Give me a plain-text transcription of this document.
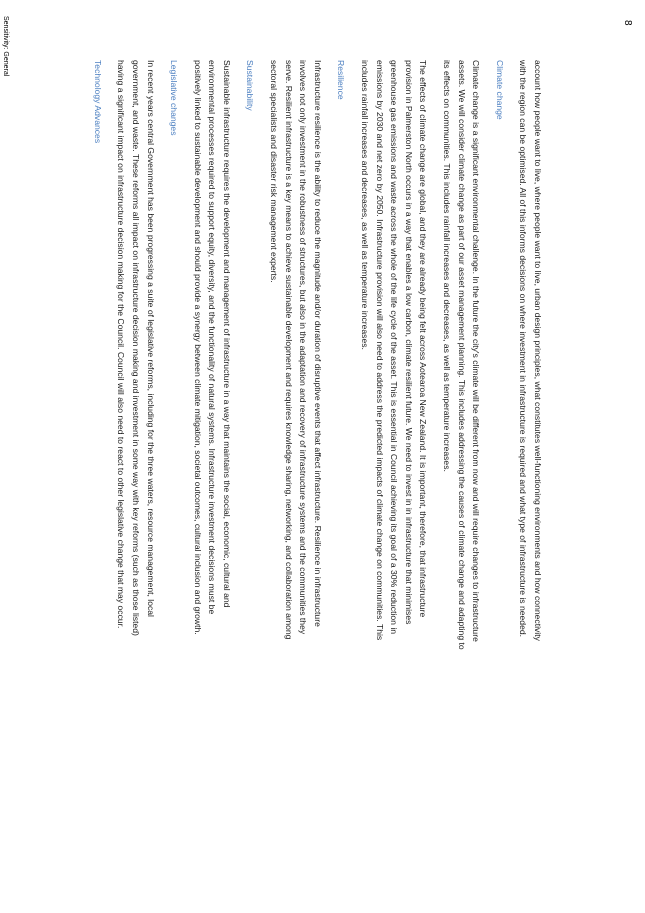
8
account how people want to live, where people want to live, urban design principles, what constitutes well-functioning environments and how connectivity
with the region can be optimised. All of this informs decisions on where investment in infrastructure is required and what type of infrastructure is needed.
Climate change
Climate change is a significant environmental challenge. In the future the city's climate will be different from now and will require changes to infrastructure
assets. We will consider climate change as part of our asset management planning. This includes addressing the causes of climate change and adapting to
its effects on communities. This includes rainfall increases and decreases, as well as temperature increases.
The effects of climate change are global, and they are already being felt across Aotearoa New Zealand. It is important, therefore, that infrastructure
provision in Palmerston North occurs in a way that enables a low carbon, climate resilient future. We need to invest in in infrastructure that minimises
greenhouse gas emissions and waste across the whole of the life cycle of the asset. This is essential in Council achieving its goal of a 30% reduction in
emissions by 2030 and net zero by 2050. Infrastructure provision will also need to address the predicted impacts of climate change on communities. This
includes rainfall increases and decreases, as well as temperature increases.
Resilience
Infrastructure resilience is the ability to reduce the magnitude and/or duration of disruptive events that affect infrastructure. Resilience in infrastructure
involves not only investment in the robustness of structures, but also in the adaptation and recovery of infrastructure systems and the communities they
serve. Resilient infrastructure is a key means to achieve sustainable development and requires knowledge sharing, networking, and collaboration among
sectoral specialists and disaster risk management experts.
Sustainability
Sustainable infrastructure requires the development and management of infrastructure in a way that maintains the social, economic, cultural and
environmental processes required to support equity, diversity, and the functionality of natural systems. Infrastructure investment decisions must be
positively linked to sustainable development and should provide a synergy between climate mitigation, societal outcomes, cultural inclusion and growth.
Legislative changes
In recent years central Government has been progressing a suite of legislative reforms, including for the three waters, resource management, local
government, and waste. These reforms all impact on infrastructure decision making and investment in some way with key reforms (such as those listed)
having a significant impact on infrastructure decision making for the Council. Council will also need to react to other legislative change that may occur.
Technology Advances
Sensitivity: General
